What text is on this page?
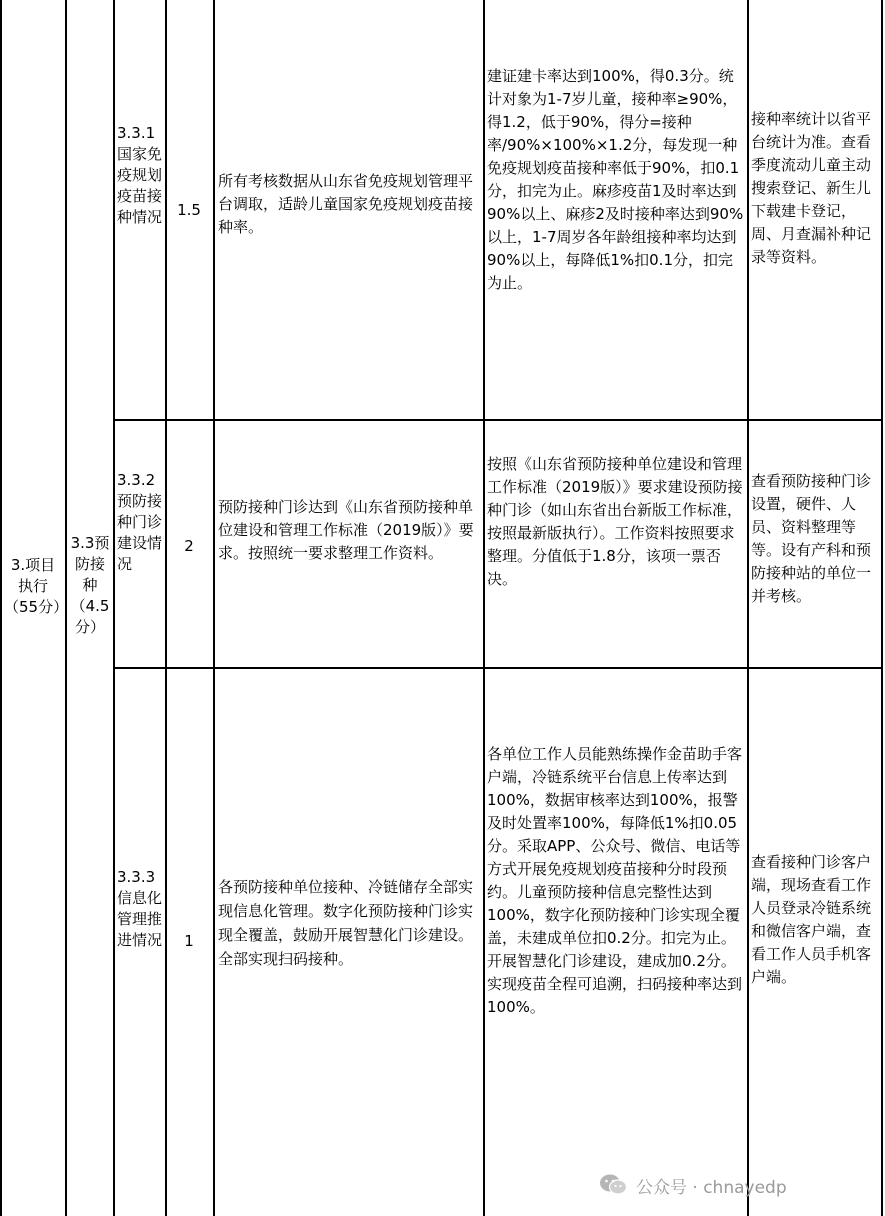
3.项目执行（55分）
3.3预防接种（4.5分）
3.3.1国家免疫规划疫苗接种情况	1.5
所有考核数据从山东省免疫规划管理平台调取，适龄儿童国家免疫规划疫苗接种率。
建证建卡率达到100%，得0.3分。统计对象为1-7岁儿童，接种率≥90%，得1.2，低于90%，得分=接种率/90%×100%×1.2分，每发现一种免疫规划疫苗接种率低于90%，扣0.1分，扣完为止。麻疹疫苗1及时率达到90%以上、麻疹2及时接种率达到90%以上，1-7周岁各年龄组接种率均达到90%以上，每降低1%扣0.1分，扣完为止。
接种率统计以省平台统计为准。查看季度流动儿童主动搜索登记、新生儿下载建卡登记，周、月查漏补种记录等资料。
3.3.2预防接种门诊建设情况
2
预防接种门诊达到《山东省预防接种单位建设和管理工作标准（2019版）》要求。按照统一要求整理工作资料。
按照《山东省预防接种单位建设和管理工作标准（2019版）》要求建设预防接种门诊（如山东省出台新版工作标准，按照最新版执行）。工作资料按照要求整理。分值低于1.8分，该项一票否决。
查看预防接种门诊设置，硬件、人员、资料整理等等。设有产科和预防接种站的单位一并考核。
3.3.3信息化管理推进情况	1
各预防接种单位接种、冷链储存全部实现信息化管理。数字化预防接种门诊实现全覆盖，鼓励开展智慧化门诊建设。全部实现扫码接种。
各单位工作人员能熟练操作金苗助手客户端，冷链系统平台信息上传率达到100%，数据审核率达到100%，报警及时处置率100%，每降低1%扣0.05分。采取APP、公众号、微信、电话等方式开展免疫规划疫苗接种分时段预约。儿童预防接种信息完整性达到100%，数字化预防接种门诊实现全覆盖，未建成单位扣0.2分。扣完为止。开展智慧化门诊建设，建成加0.2分。实现疫苗全程可追溯，扫码接种率达到100%。
查看接种门诊客户端，现场查看工作人员登录冷链系统和微信客户端，查看工作人员手机客户端。
公众号 · chnayedp
